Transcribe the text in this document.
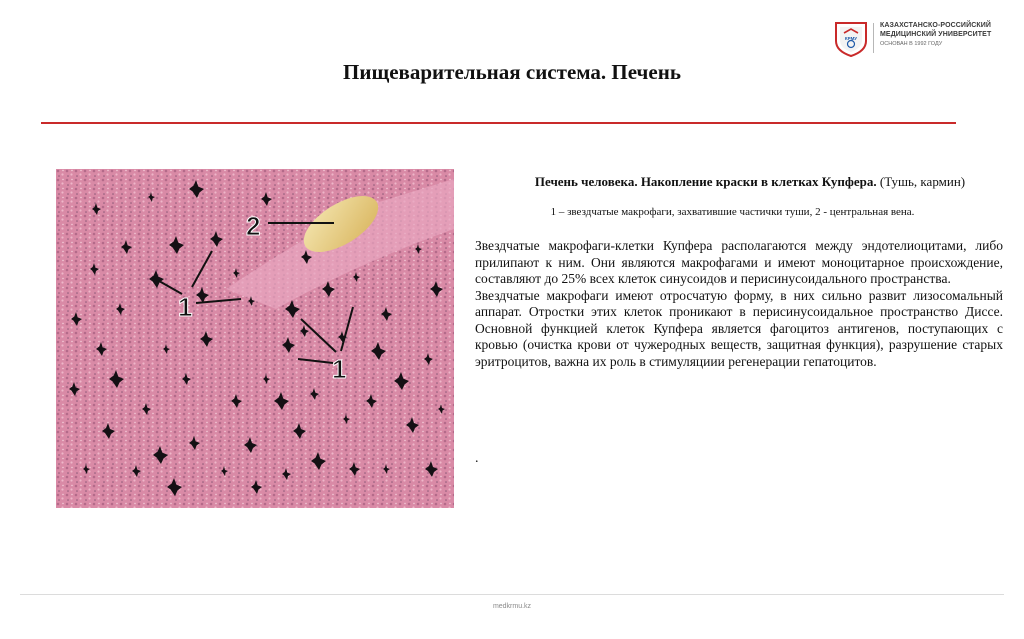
КРМУ
КАЗАХСТАНСКО-РОССИЙСКИЙ
МЕДИЦИНСКИЙ УНИВЕРСИТЕТ
ОСНОВАН В 1992 ГОДУ
Пищеварительная система. Печень
2
1
1
Печень человека. Накопление краски в клетках Купфера. (Тушь, кармин)
1 – звездчатые макрофаги, захватившие частички туши, 2 - центральная вена.

Звездчатые макрофаги-клетки Купфера располагаются между эндотелиоцитами, либо прилипают к ним. Они являются макрофагами и имеют моноцитарное происхождение, составляют до 25% всех клеток синусоидов и перисинусоидального пространства.

Звездчатые макрофаги имеют отросчатую форму, в них сильно развит лизосомальный аппарат. Отростки этих клеток проникают в перисинусоидальное пространство Диссе. Основной функцией клеток Купфера является фагоцитоз антигенов, поступающих с кровью (очистка крови от чужеродных веществ, защитная функция), разрушение старых эритроцитов, важна их роль в стимуляциии регенерации гепатоцитов.

.
medkrmu.kz
